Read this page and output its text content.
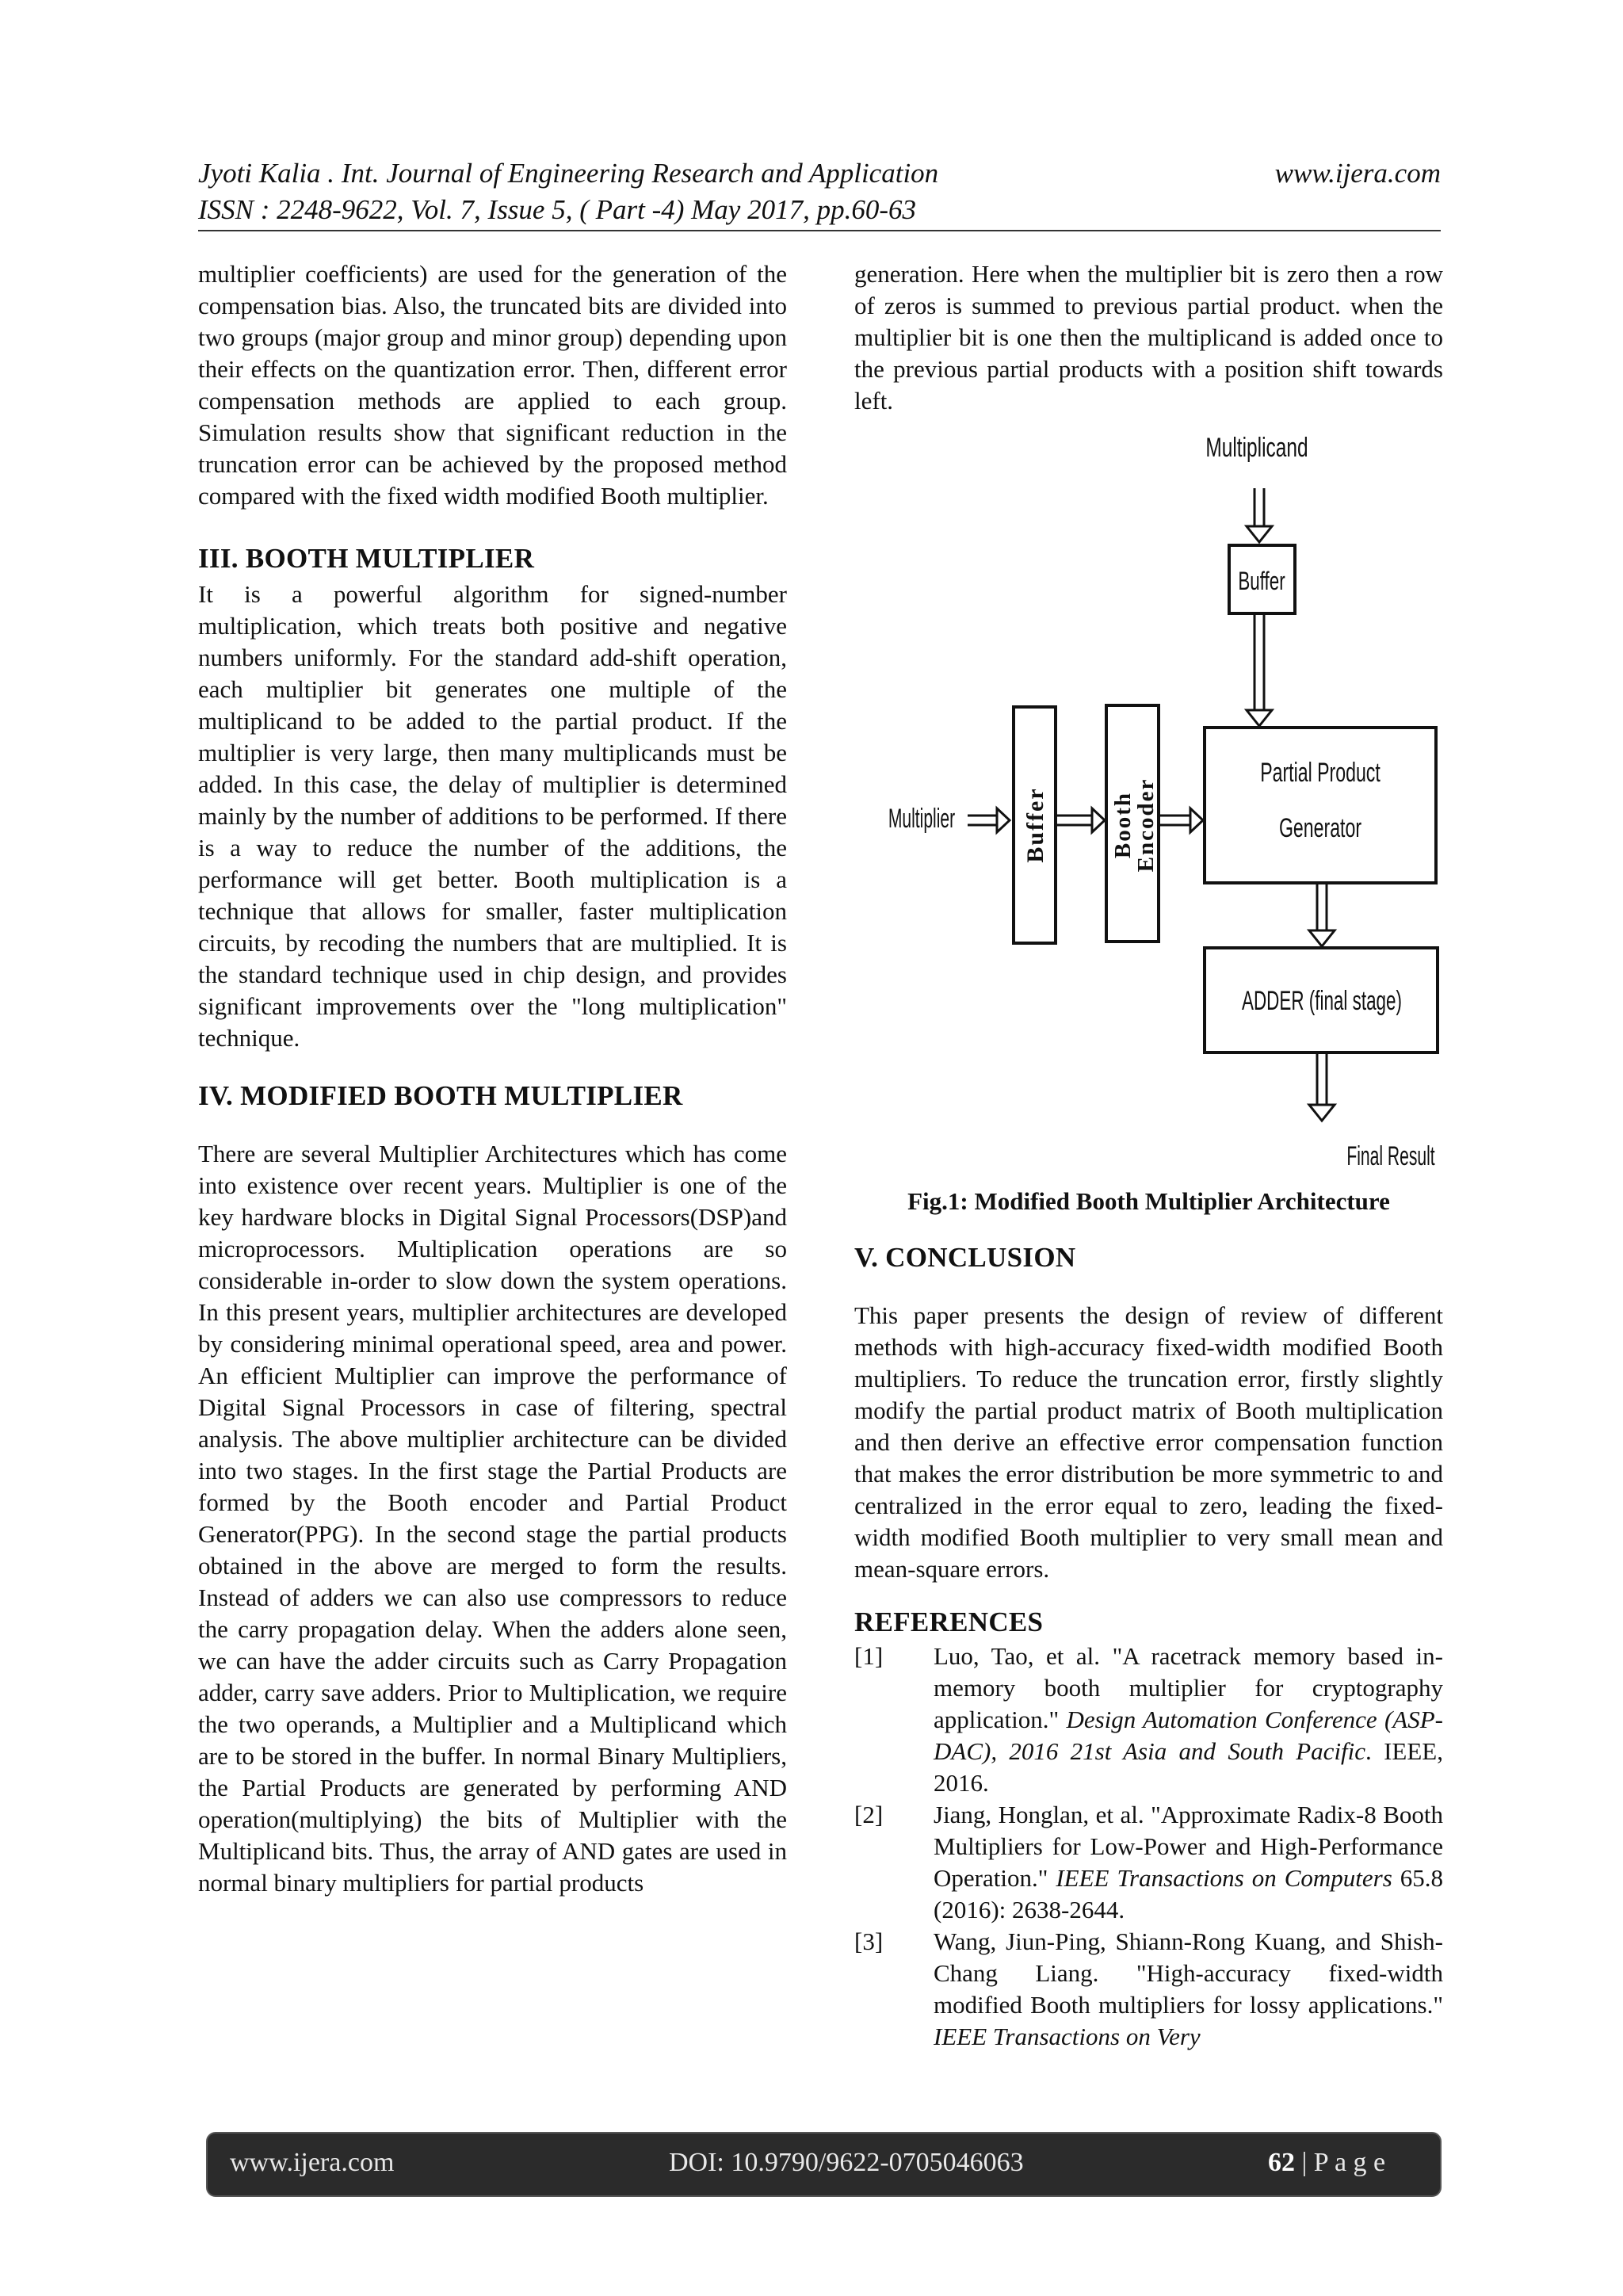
Jyoti Kalia . Int. Journal of Engineering Research and Application	www.ijera.com
ISSN : 2248-9622, Vol. 7, Issue 5, ( Part -4) May 2017, pp.60-63

multiplier coefficients) are used for the generation of the compensation bias. Also, the truncated bits are divided into two groups (major group and minor group) depending upon their effects on the quantization error. Then, different error compensation methods are applied to each group. Simulation results show that significant reduction in the truncation error can be achieved by the proposed method compared with the fixed width modified Booth multiplier.

III. BOOTH MULTIPLIER

It is a powerful algorithm for signed-number multiplication, which treats both positive and negative numbers uniformly. For the standard add-shift operation, each multiplier bit generates one multiple of the multiplicand to be added to the partial product. If the multiplier is very large, then many multiplicands must be added. In this case, the delay of multiplier is determined mainly by the number of additions to be performed. If there is a way to reduce the number of the additions, the performance will get better. Booth multiplication is a technique that allows for smaller, faster multiplication circuits, by recoding the numbers that are multiplied. It is the standard technique used in chip design, and provides significant improvements over the "long multiplication" technique.

IV. MODIFIED BOOTH MULTIPLIER

There are several Multiplier Architectures which has come into existence over recent years. Multiplier is one of the key hardware blocks in Digital Signal Processors(DSP)and microprocessors. Multiplication operations are so considerable in-order to slow down the system operations. In this present years, multiplier architectures are developed by considering minimal operational speed, area and power. An efficient Multiplier can improve the performance of Digital Signal Processors in case of filtering, spectral analysis. The above multiplier architecture can be divided into two stages. In the first stage the Partial Products are formed by the Booth encoder and Partial Product Generator(PPG). In the second stage the partial products obtained in the above are merged to form the results. Instead of adders we can also use compressors to reduce the carry propagation delay. When the adders alone seen, we can have the adder circuits such as Carry Propagation adder, carry save adders. Prior to Multiplication, we require the two operands, a Multiplier and a Multiplicand which are to be stored in the buffer. In normal Binary Multipliers, the Partial Products are generated by performing AND operation(multiplying) the bits of Multiplier with the Multiplicand bits. Thus, the array of AND gates are used in normal binary multipliers for partial products

generation. Here when the multiplier bit is zero then a row of zeros is summed to previous partial product. when the multiplier bit is one then the multiplicand is added once to the previous partial products with a position shift towards left.

Multiplicand
Buffer
Multiplier	Buffer	Booth
Encoder
Partial Product
Generator
ADDER (final stage)
Final Result
Fig.1: Modified Booth Multiplier Architecture
V. CONCLUSION

This paper presents the design of review of different methods with high-accuracy fixed-width modified Booth multipliers. To reduce the truncation error, firstly slightly modify the partial product matrix of Booth multiplication and then derive an effective error compensation function that makes the error distribution be more symmetric to and centralized in the error equal to zero, leading the fixed-width modified Booth multiplier to very small mean and mean-square errors.

REFERENCES
[1]	Luo, Tao, et al. "A racetrack memory based in-memory booth multiplier for cryptography application." Design Automation Conference (ASP-DAC), 2016 21st Asia and South Pacific. IEEE, 2016.
[2]	Jiang, Honglan, et al. "Approximate Radix-8 Booth Multipliers for Low-Power and High-Performance Operation." IEEE Transactions on Computers 65.8 (2016): 2638-2644.
[3]	Wang, Jiun-Ping, Shiann-Rong Kuang, and Shish-Chang Liang. "High-accuracy fixed-width modified Booth multipliers for lossy applications." IEEE Transactions on Very
www.ijera.com	DOI: 10.9790/9622-0705046063	62 | P a g e
